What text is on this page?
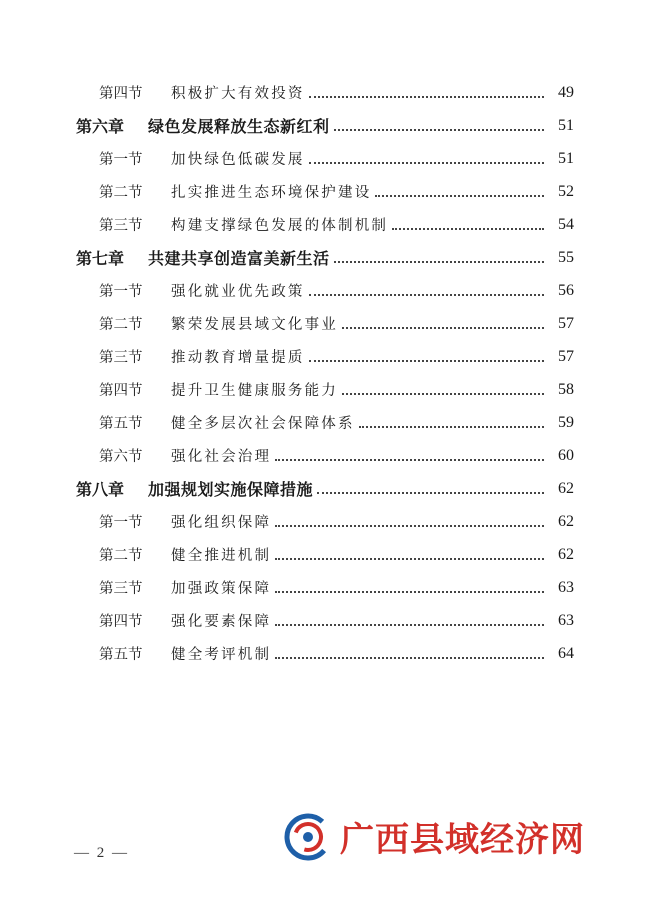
第四节	积极扩大有效投资	49
第六章	绿色发展释放生态新红利	51
第一节	加快绿色低碳发展	51
第二节	扎实推进生态环境保护建设	52
第三节	构建支撑绿色发展的体制机制	54
第七章	共建共享创造富美新生活	55
第一节	强化就业优先政策	56
第二节	繁荣发展县域文化事业	57
第三节	推动教育增量提质	57
第四节	提升卫生健康服务能力	58
第五节	健全多层次社会保障体系	59
第六节	强化社会治理	60
第八章	加强规划实施保障措施	62
第一节	强化组织保障	62
第二节	健全推进机制	62
第三节	加强政策保障	63
第四节	强化要素保障	63
第五节	健全考评机制	64
— 2 —	广西县域经济网
